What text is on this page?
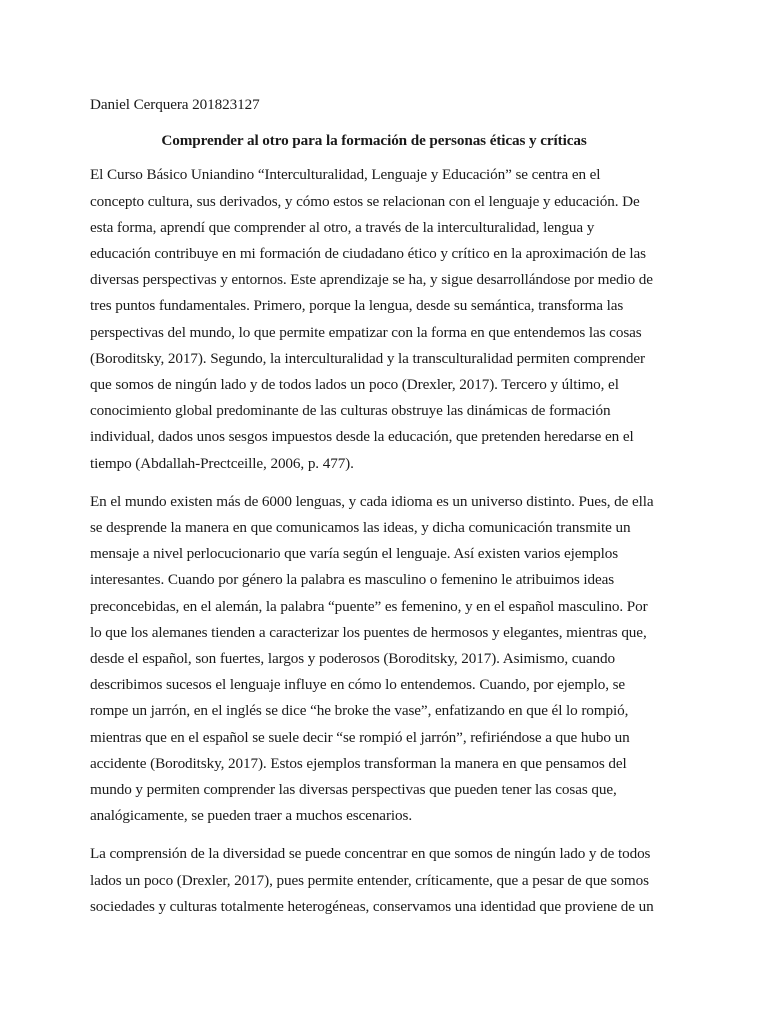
Daniel Cerquera 201823127

Comprender al otro para la formación de personas éticas y críticas

El Curso Básico Uniandino “Interculturalidad, Lenguaje y Educación” se centra en el concepto cultura, sus derivados, y cómo estos se relacionan con el lenguaje y educación. De esta forma, aprendí que comprender al otro, a través de la interculturalidad, lengua y educación contribuye en mi formación de ciudadano ético y crítico en la aproximación de las diversas perspectivas y entornos. Este aprendizaje se ha, y sigue desarrollándose por medio de tres puntos fundamentales. Primero, porque la lengua, desde su semántica, transforma las perspectivas del mundo, lo que permite empatizar con la forma en que entendemos las cosas (Boroditsky, 2017). Segundo, la interculturalidad y la transculturalidad permiten comprender que somos de ningún lado y de todos lados un poco (Drexler, 2017). Tercero y último, el conocimiento global predominante de las culturas obstruye las dinámicas de formación individual, dados unos sesgos impuestos desde la educación, que pretenden heredarse en el tiempo (Abdallah-Prectceille, 2006, p. 477).

En el mundo existen más de 6000 lenguas, y cada idioma es un universo distinto. Pues, de ella se desprende la manera en que comunicamos las ideas, y dicha comunicación transmite un mensaje a nivel perlocucionario que varía según el lenguaje. Así existen varios ejemplos interesantes. Cuando por género la palabra es masculino o femenino le atribuimos ideas preconcebidas, en el alemán, la palabra “puente” es femenino, y en el español masculino. Por lo que los alemanes tienden a caracterizar los puentes de hermosos y elegantes, mientras que, desde el español, son fuertes, largos y poderosos (Boroditsky, 2017). Asimismo, cuando describimos sucesos el lenguaje influye en cómo lo entendemos. Cuando, por ejemplo, se rompe un jarrón, en el inglés se dice “he broke the vase”, enfatizando en que él lo rompió, mientras que en el español se suele decir “se rompió el jarrón”, refiriéndose a que hubo un accidente (Boroditsky, 2017). Estos ejemplos transforman la manera en que pensamos del mundo y permiten comprender las diversas perspectivas que pueden tener las cosas que, analógicamente, se pueden traer a muchos escenarios.

La comprensión de la diversidad se puede concentrar en que somos de ningún lado y de todos lados un poco (Drexler, 2017), pues permite entender, críticamente, que a pesar de que somos sociedades y culturas totalmente heterogéneas, conservamos una identidad que proviene de un
